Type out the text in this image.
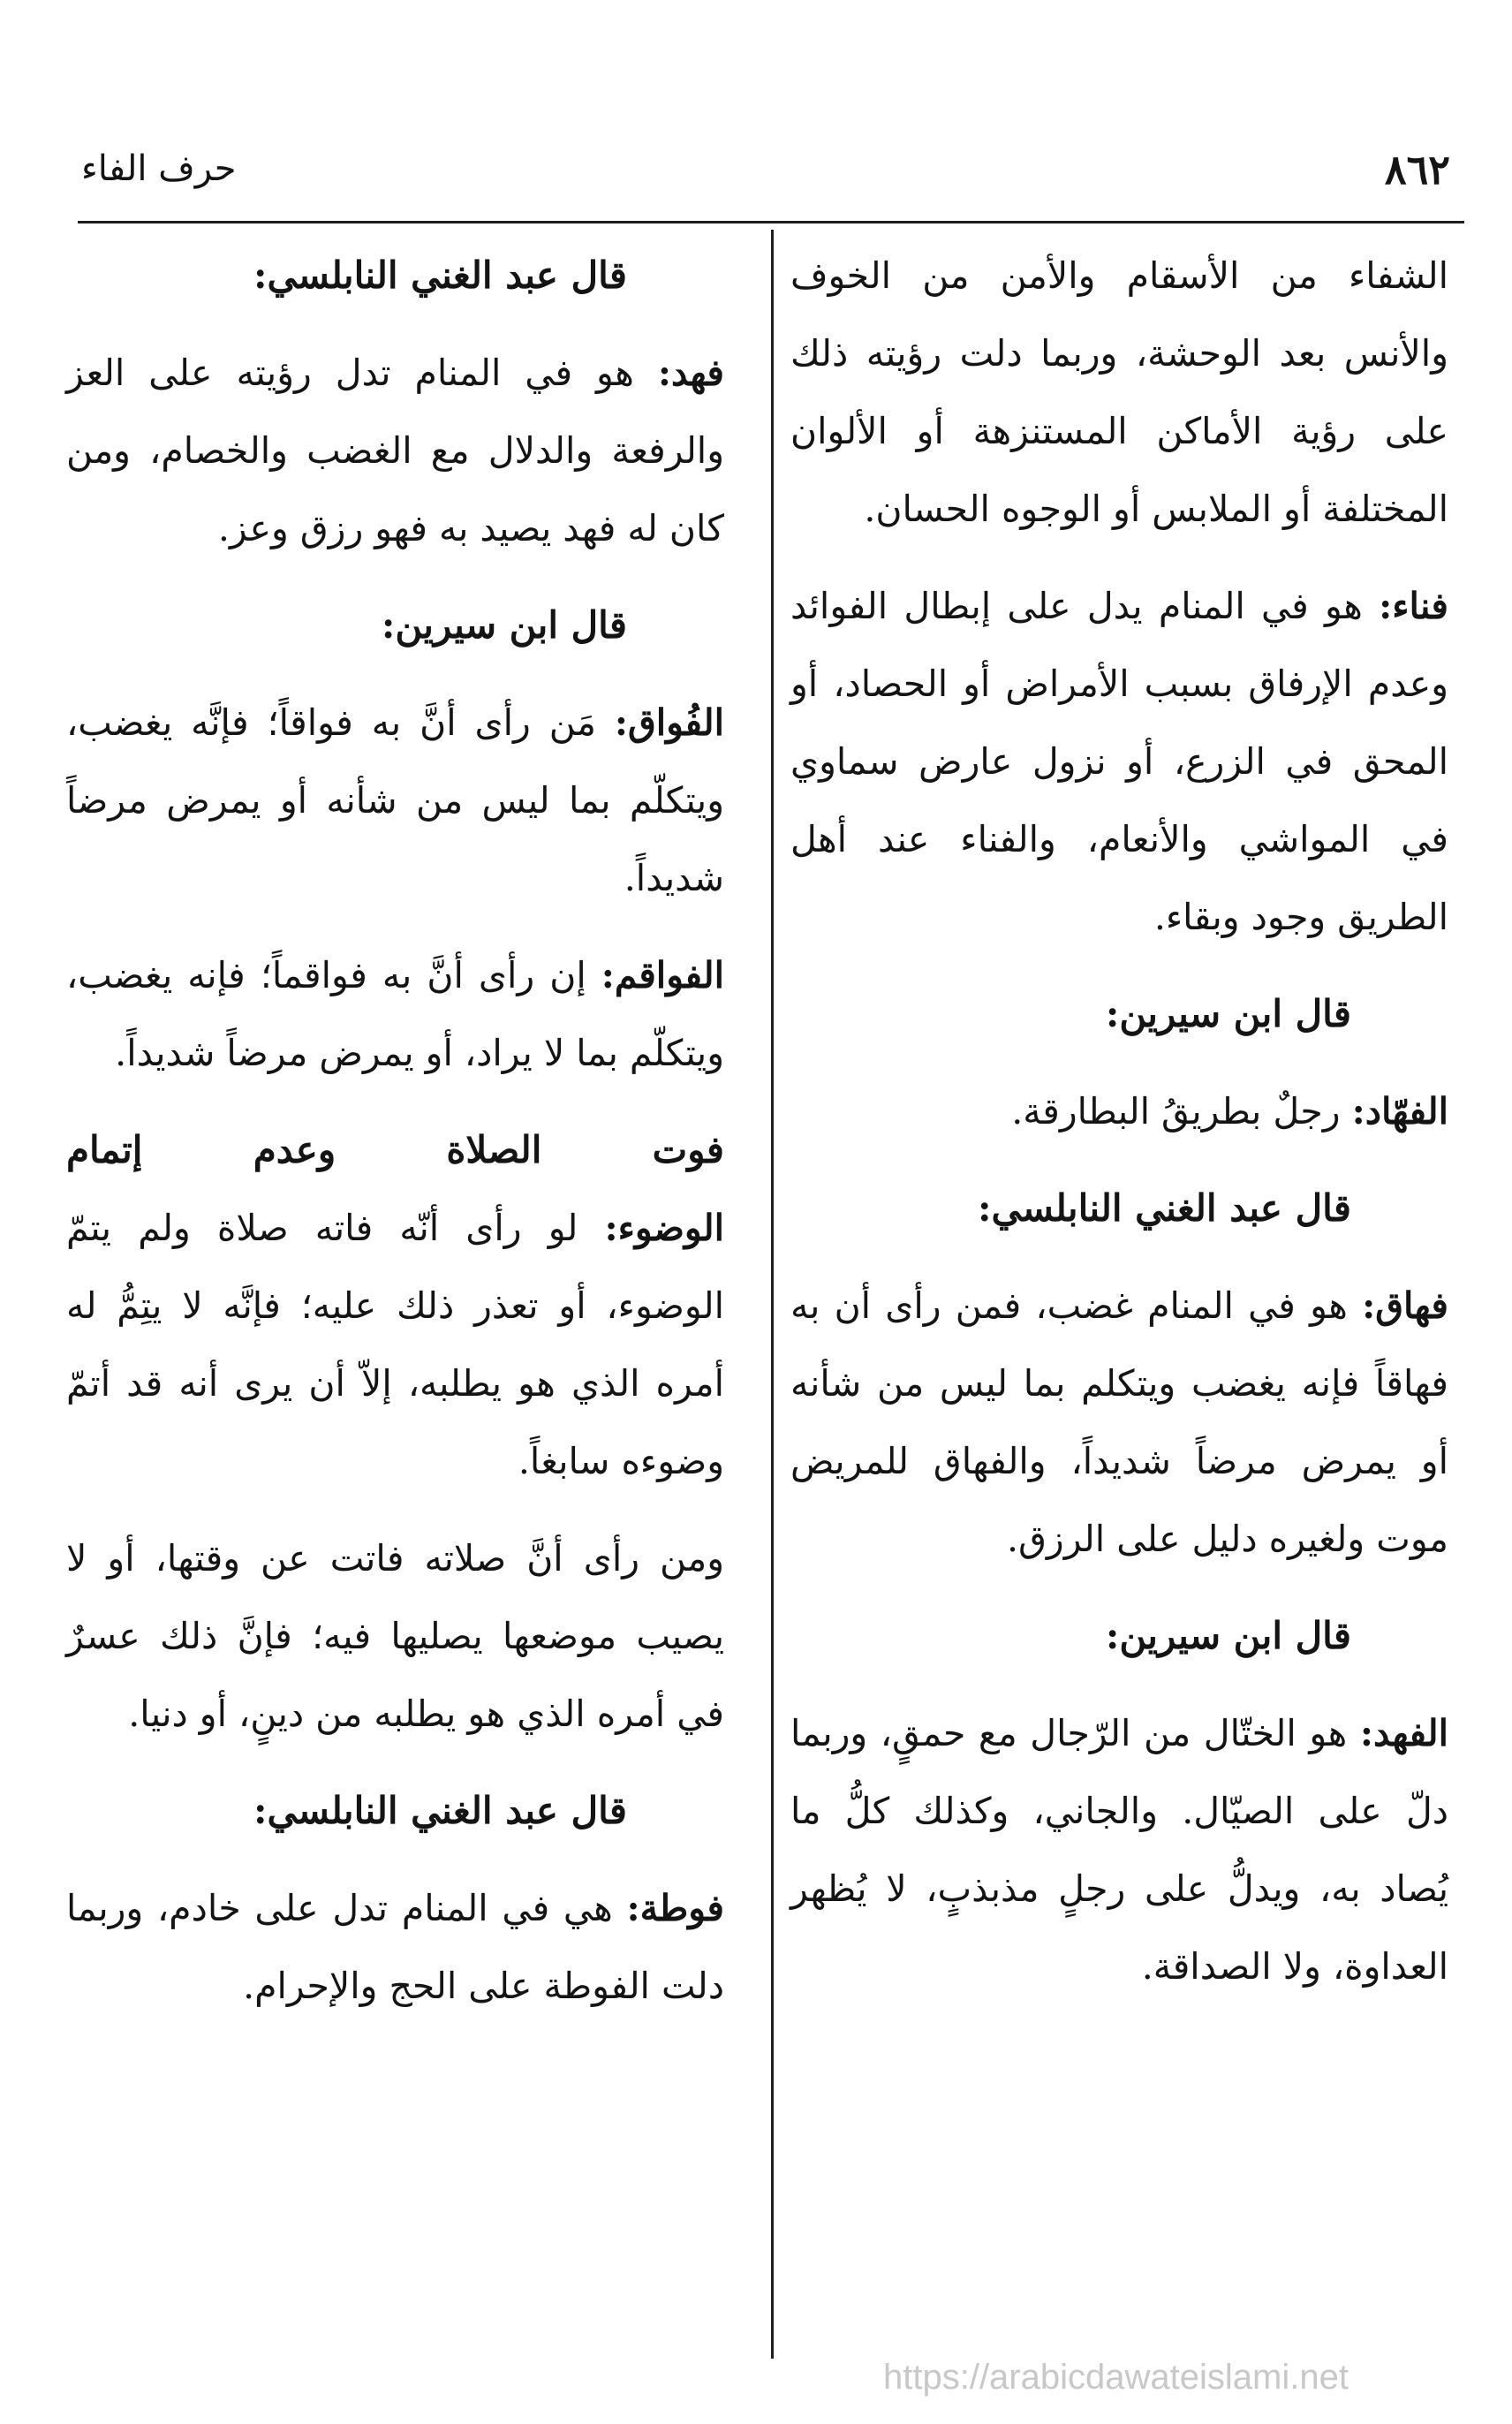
٨٦٢
حرف الفاء

الشفاء من الأسقام والأمن من الخوف والأنس بعد الوحشة، وربما دلت رؤيته ذلك على رؤية الأماكن المستنزهة أو الألوان المختلفة أو الملابس أو الوجوه الحسان.

فناء: هو في المنام يدل على إبطال الفوائد وعدم الإرفاق بسبب الأمراض أو الحصاد، أو المحق في الزرع، أو نزول عارض سماوي في المواشي والأنعام، والفناء عند أهل الطريق وجود وبقاء.

قال ابن سيرين:

الفهّاد: رجلٌ بطريقُ البطارقة.

قال عبد الغني النابلسي:

فهاق: هو في المنام غضب، فمن رأى أن به فهاقاً فإنه يغضب ويتكلم بما ليس من شأنه أو يمرض مرضاً شديداً، والفهاق للمريض موت ولغيره دليل على الرزق.

قال ابن سيرين:

الفهد: هو الختّال من الرّجال مع حمقٍ، وربما دلّ على الصيّال. والجاني، وكذلك كلُّ ما يُصاد به، ويدلُّ على رجلٍ مذبذبٍ، لا يُظهر العداوة، ولا الصداقة.

قال عبد الغني النابلسي:

فهد: هو في المنام تدل رؤيته على العز والرفعة والدلال مع الغضب والخصام، ومن كان له فهد يصيد به فهو رزق وعز.

قال ابن سيرين:

الفُواق: مَن رأى أنَّ به فواقاً؛ فإنَّه يغضب، ويتكلّم بما ليس من شأنه أو يمرض مرضاً شديداً.

الفواقم: إن رأى أنَّ به فواقماً؛ فإنه يغضب، ويتكلّم بما لا يراد، أو يمرض مرضاً شديداً.

فوت الصلاة وعدم إتمام

الوضوء: لو رأى أنّه فاته صلاة ولم يتمّ الوضوء، أو تعذر ذلك عليه؛ فإنَّه لا يتِمُّ له أمره الذي هو يطلبه، إلاّ أن يرى أنه قد أتمّ وضوءه سابغاً.

ومن رأى أنَّ صلاته فاتت عن وقتها، أو لا يصيب موضعها يصليها فيه؛ فإنَّ ذلك عسرٌ في أمره الذي هو يطلبه من دينٍ، أو دنيا.

قال عبد الغني النابلسي:

فوطة: هي في المنام تدل على خادم، وربما دلت الفوطة على الحج والإحرام.

https://arabicdawateislami.net
